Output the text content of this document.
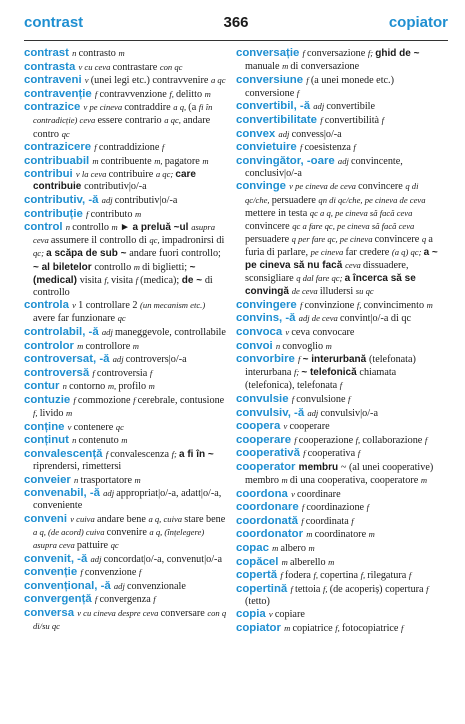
366
contrast	copiator
contrast n contrasto m
contrasta v cu ceva contrastare con qc
contraveni v (unei legi etc.) contravvenire a qc
contravenție f contravvenzione f, delitto m
contrazice v pe cineva contraddire a q, (a fi în contradicție) ceva essere contrario a qc, andare contro qc
contrazicere f contraddizione f
contribuabil m contribuente m, pagatore m
contribui v la ceva contribuire a qc; care contribuie contributiv|o/-a
contributiv, -ă adj contributiv|o/-a
contribuție f contributo m
control n controllo m ► a preluă ~ul asupra ceva assumere il controllo di qc, impadronirsi di qc; a scăpa de sub ~ andare fuori controllo; ~ al biletelor controllo m di biglietti; ~ (medical) visita f, visita f (medica); de ~ di controllo
controla v 1 controllare 2 (un mecanism etc.) avere far funzionare qc
controlabil, -ă adj maneggevole, controllabile
controlor m controllore m
controversat, -ă adj controvers|o/-a
controversă f controversia f
contur n contorno m, profilo m
contuzie f commozione f cerebrale, contusione f, livido m
conține v contenere qc
conținut n contenuto m
convalescență f convalescenza f; a fi în ~ riprendersi, rimettersi
conveier n trasportatore m
convenabil, -ă adj appropriat|o/-a, adatt|o/-a, conveniente
conveni v cuiva andare bene a q, cuiva stare bene a q, (de acord) cuiva convenire a q, (înțelegere) asupra ceva pattuire qc
convenit, -ă adj concordat|o/-a, convenut|o/-a
convenție f convenzione f
convențional, -ă adj convenzionale
convergență f convergenza f
conversa v cu cineva despre ceva conversare con q di/su qc
conversație f conversazione f; ghid de ~ manuale m di conversazione
conversiune f (a unei monede etc.) conversione f
convertibil, -ă adj convertibile
convertibilitate f convertibilità f
convex adj convess|o/-a
convietuire f coesistenza f
convingător, -oare adj convincente, conclusiv|o/-a
convinge v pe cineva de ceva convincere q di qc/che, persuadere qn di qc/che, pe cineva de ceva mettere in testa qc a q, pe cineva să facă ceva convincere qc a fare qc, pe cineva să facă ceva persuadere q per fare qc, pe cineva convincere q a furia di parlare, pe cineva far credere (a q) qc; a ~ pe cineva să nu facă ceva dissuadere, sconsigliare q dal fare qc; a încerca să se convingă de ceva illudersi su qc
convingere f convinzione f, convincimento m
convins, -ă adj de ceva convint|o/-a di qc
convoca v ceva convocare
convoi n convoglio m
convorbire f ~ interurbană (telefonata) interurbana f; ~ telefonică chiamata (telefonica), telefonata f
convulsie f convulsione f
convulsiv, -ă adj convulsiv|o/-a
coopera v cooperare
cooperare f cooperazione f, collaborazione f
cooperativă f cooperativa f
cooperator membru ~ (al unei cooperative) membro m di una cooperativa, cooperatore m
coordona v coordinare
coordonare f coordinazione f
coordonată f coordinata f
coordonator m coordinatore m
copac m albero m
copăcel m alberello m
copertă f fodera f, copertina f, rilegatura f
copertină f tettoia f, (de acoperiș) copertura f (tetto)
copia v copiare
copiator m copiatrice f, fotocopiatrice f
